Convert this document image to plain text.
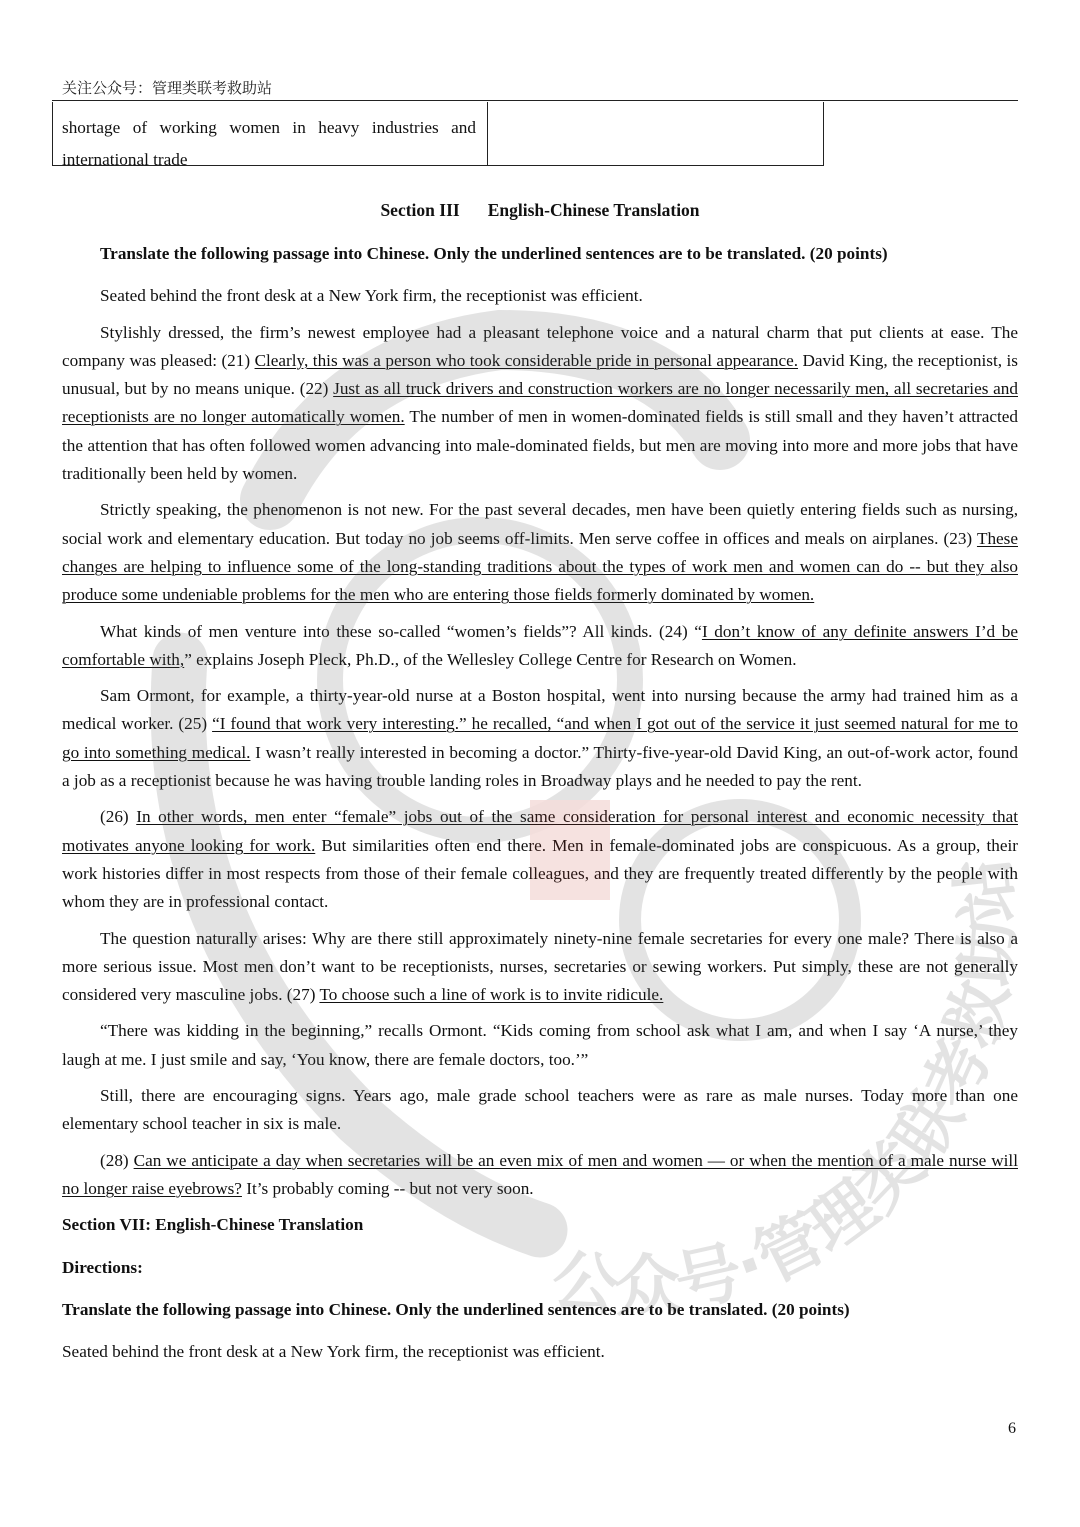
关注公众号：管理类联考救助站
shortage of working women in heavy industries and international trade
Section III English-Chinese Translation

Translate the following passage into Chinese. Only the underlined sentences are to be translated. (20 points)

Seated behind the front desk at a New York firm, the receptionist was efficient.

Stylishly dressed, the firm’s newest employee had a pleasant telephone voice and a natural charm that put clients at ease. The company was pleased: (21) Clearly, this was a person who took considerable pride in personal appearance. David King, the receptionist, is unusual, but by no means unique. (22) Just as all truck drivers and construction workers are no longer necessarily men, all secretaries and receptionists are no longer automatically women. The number of men in women-dominated fields is still small and they haven’t attracted the attention that has often followed women advancing into male-dominated fields, but men are moving into more and more jobs that have traditionally been held by women.

Strictly speaking, the phenomenon is not new. For the past several decades, men have been quietly entering fields such as nursing, social work and elementary education. But today no job seems off-limits. Men serve coffee in offices and meals on airplanes. (23) These changes are helping to influence some of the long-standing traditions about the types of work men and women can do -- but they also produce some undeniable problems for the men who are entering those fields formerly dominated by women.

What kinds of men venture into these so-called “women’s fields”? All kinds. (24) “I don’t know of any definite answers I’d be comfortable with,” explains Joseph Pleck, Ph.D., of the Wellesley College Centre for Research on Women.

Sam Ormont, for example, a thirty-year-old nurse at a Boston hospital, went into nursing because the army had trained him as a medical worker. (25) “I found that work very interesting.” he recalled, “and when I got out of the service it just seemed natural for me to go into something medical. I wasn’t really interested in becoming a doctor.” Thirty-five-year-old David King, an out-of-work actor, found a job as a receptionist because he was having trouble landing roles in Broadway plays and he needed to pay the rent.

(26) In other words, men enter “female” jobs out of the same consideration for personal interest and economic necessity that motivates anyone looking for work. But similarities often end there. Men in female-dominated jobs are conspicuous. As a group, their work histories differ in most respects from those of their female colleagues, and they are frequently treated differently by the people with whom they are in professional contact.

The question naturally arises: Why are there still approximately ninety-nine female secretaries for every one male? There is also a more serious issue. Most men don’t want to be receptionists, nurses, secretaries or sewing workers. Put simply, these are not generally considered very masculine jobs. (27) To choose such a line of work is to invite ridicule.

“There was kidding in the beginning,” recalls Ormont. “Kids coming from school ask what I am, and when I say ‘A nurse,’ they laugh at me. I just smile and say, ‘You know, there are female doctors, too.’”

Still, there are encouraging signs. Years ago, male grade school teachers were as rare as male nurses. Today more than one elementary school teacher in six is male.

(28) Can we anticipate a day when secretaries will be an even mix of men and women — or when the mention of a male nurse will no longer raise eyebrows? It’s probably coming -- but not very soon.

Section VII: English-Chinese Translation

Directions:

Translate the following passage into Chinese. Only the underlined sentences are to be translated. (20 points)

Seated behind the front desk at a New York firm, the receptionist was efficient.

6
公众号·管理类联考救助站
